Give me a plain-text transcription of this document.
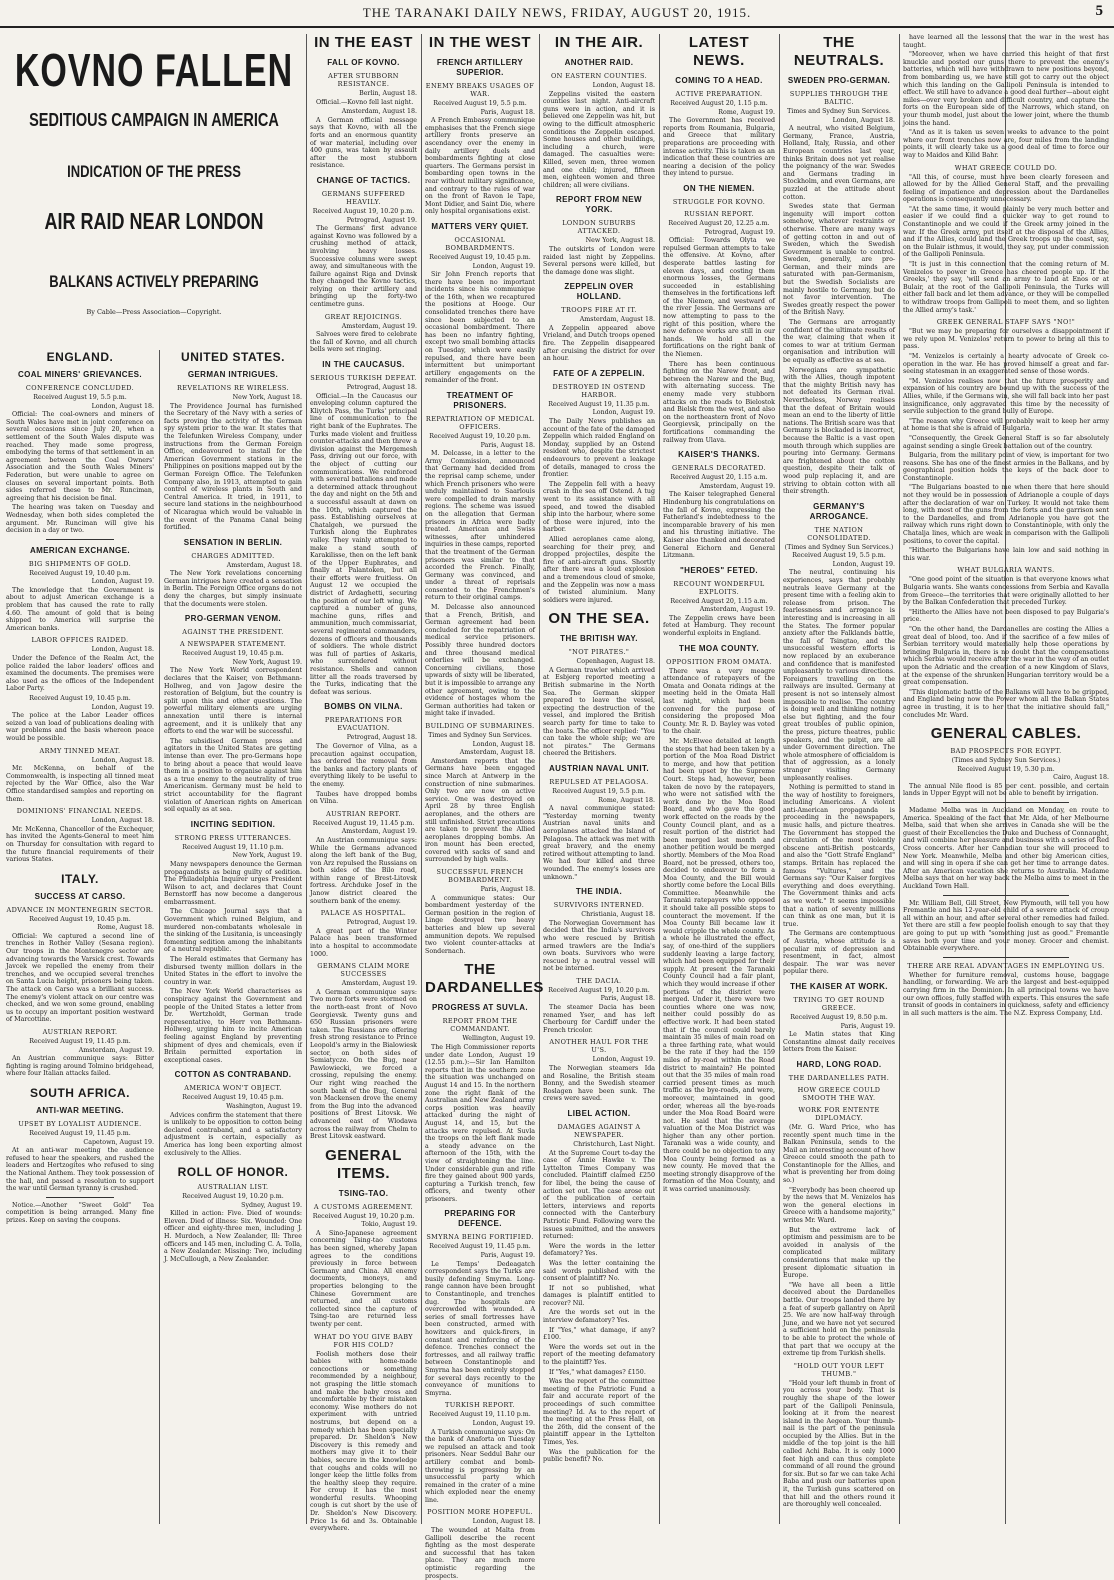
THE TARANAKI DAILY NEWS, FRIDAY, AUGUST 20, 1915.	5
KOVNO FALLEN
SEDITIOUS CAMPAIGN IN AMERICA
INDICATION OF THE PRESS
AIR RAID NEAR LONDON
BALKANS ACTIVELY PREPARING
By Cable—Press Association—Copyright.
ENGLAND.
COAL MINERS' GRIEVANCES.
CONFERENCE CONCLUDED.
Received August 19, 5.5 p.m.
London, August 18.

Official: The coal-owners and miners of South Wales have met in joint conference on several occasions since July 20, when a settlement of the South Wales dispute was reached. They made some progress, embodying the terms of that settlement in an agreement between the Coal Owners' Association and the South Wales Miners' Federation, but were unable to agree on clauses on several important points. Both sides referred these to Mr. Runciman, agreeing that his decision be final.

The hearing was taken on Tuesday and Wednesday, when both sides completed the argument. Mr. Runciman will give his decision in a day or two.

AMERICAN EXCHANGE.
BIG SHIPMENTS OF GOLD.
Received August 19, 10.40 p.m.
London, August 19.

The knowledge that the Government is about to adjust American exchange is a problem that has caused the rate to rally 4.60. The amount of gold that is being shipped to America will surprise the American banks.

LABOR OFFICES RAIDED.
London, August 18.

Under the Defence of the Realm Act, the police raided the labor leaders' offices and examined the documents. The premises were also used as the offices of the Independent Labor Party.

Received August 19, 10.45 p.m.
London, August 19.

The police at the Labor Leader offices seized a van load of publications dealing with war problems and the basis whereon peace would be possible.

ARMY TINNED MEAT.
London, August 18.

Mr. McKenna, on behalf of the Commonwealth, is inspecting all tinned meat rejected by the War Office, also the War Office standardised samples and reporting on them.

DOMINIONS' FINANCIAL NEEDS.
London, August 18.

Mr. McKenna, Chancellor of the Exchequer, has invited the Agents-General to meet him on Thursday for consultation with regard to the future financial requirements of their various States.

ITALY.
SUCCESS AT CARSO.
ADVANCE IN MONTENEGRIN SECTOR.
Received August 19, 10.45 p.m.
Rome, August 18.

Official: We captured a second line of trenches in Rother Valley (Sesana region). Our troops in the Montenegro sector are advancing towards the Varsick crest. Towards Javcek we repelled the enemy from their trenches, and we occupied several trenches on Santa Lucia height, prisoners being taken. The attack on Carso was a brilliant success. The enemy's violent attack on our centre was checked, and we won some ground, enabling us to occupy an important position westward of Marcottine.

AUSTRIAN REPORT.
Received August 19, 11.45 p.m.
Amsterdam, August 19.

An Austrian communique says: Bitter fighting is raging around Tolmino bridgehead, where four Italian attacks failed.

SOUTH AFRICA.
ANTI-WAR MEETING.
UPSET BY LOYALIST AUDIENCE.
Received August 19, 11.45 p.m.
Capetown, August 19.

At an anti-war meeting the audience refused to hear the speakers, and rushed the leaders and Hertzogites who refused to sing the National Anthem. They took possession of the hall, and passed a resolution to support the war until German tyranny is crushed.

Notice.—Another "Sweet Gold" Tea competition is being arranged. Many fine prizes. Keep on saving the coupons.

UNITED STATES.
GERMAN INTRIGUES.
REVELATIONS RE WIRELESS.
New York, August 18.

The Providence Journal has furnished the Secretary of the Navy with a series of facts proving the activity of the German spy system prior to the war. It states that the Telefunken Wireless Company, under instructions from the German Foreign Office, endeavoured to install for the American Government stations in the Philippines on positions mapped out by the German Foreign Office. The Telefunken Company also, in 1913, attempted to gain control of wireless plants in South and Central America. It tried, in 1911, to secure land stations in the neighbourhood of Nicaragua which would be valuable in the event of the Panama Canal being fortified.

SENSATION IN BERLIN.
CHARGES ADMITTED.
Amsterdam, August 18.

The New York revelations concerning German intrigues have created a sensation in Berlin. The Foreign Office organs do not deny the charges, but simply insinuate that the documents were stolen.

PRO-GERMAN VENOM.
AGAINST THE PRESIDENT.
A NEWSPAPER STATEMENT.
Received August 19, 10.45 p.m.
New York, August 19.

The New York World correspondent declares that the Kaiser, von Bethmann-Hollweg, and von Jagow desire the restoration of Belgium, but the country is split upon this and other questions. The powerful military elements are urging annexation until there is internal agreement, and it is unlikely that any efforts to end the war will be successful.

The subsidised German press and agitators in the United States are getting intense than ever. The pro-Germans hope to bring about a peace that would leave them in a position to organise against him as a true enemy to the neutrality of true Americanism. Germany must be held to strict accountability for the flagrant violation of American rights on American soil equally as at sea.

INCITING SEDITION.
STRONG PRESS UTTERANCES.
Received August 19, 11.10 p.m.
New York, August 19.

Many newspapers denounce the German propagandists as being guilty of sedition. The Philadelphia Inquirer urges President Wilson to act, and declares that Count Bernstorff has now become a dangerous embarrassment.

The Chicago Journal says that a Government which ruined Belgium, and murdered non-combatants wholesale in the sinking of the Lusitania, is unceasingly fomenting sedition among the inhabitants of a neutral republic.

The Herald estimates that Germany has disbursed twenty million dollars in the United States in the effort to involve the country in war.

The New York World characterises as conspiracy against the Government and people of the United States a letter from Dr. Wertzholdt, German trade representative, to Herr von Bethmann-Hollweg, urging him to incite American feeling against England by preventing shipment of dyes and chemicals, even if Britain permitted exportation in exceptional cases.

COTTON AS CONTRABAND.
AMERICA WON'T OBJECT.
Received August 19, 10.45 p.m.
Washington, August 19.

Advices confirm the statement that there is unlikely to be opposition to cotton being declared contraband, and a satisfactory adjustment is certain, especially as America has long been exporting almost exclusively to the Allies.

ROLL OF HONOR.
AUSTRALIAN LIST.
Received August 19, 10.20 p.m.
Sydney, August 19.

Killed in action: Five. Died of wounds: Eleven. Died of illness: Six. Wounded: One officer and eighty-three men, including J. H. Murdoch, a New Zealander, Ill: Three officers and 145 men, including C. A. Tolla, a New Zealander. Missing: Two, including J. McCullough, a New Zealander.

IN THE EAST
FALL OF KOVNO.
AFTER STUBBORN RESISTANCE.
Berlin, August 18.

Official.—Kovno fell last night.

Amsterdam, August 18.

A German official message says that Kovno, with all the forts and an enormous quantity of war material, including over 400 guns, was taken by assault after the most stubborn resistance.

CHANGE OF TACTICS.
GERMANS SUFFERED HEAVILY.
Received August 19, 10.20 p.m.
Petrograd, August 19.

The Germans' first advance against Kovno was followed by a crushing method of attack, involving heavy losses. Successive columns were swept away, and simultaneous with the failure against Riga and Dvinsk they changed the Kovno tactics, relying on their artillery and bringing up the forty-two centimetre guns.

GREAT REJOICINGS.
Amsterdam, August 19.

Salvoes were fired to celebrate the fall of Kovno, and all church bells were set ringing.

IN THE CAUCASUS.
SERIOUS TURKISH DEFEAT.
Petrograd, August 18.

Official.—In the Caucasus our enveloping column captured the Kliytch Pass, the Turks' principal line of communication to the right bank of the Euphrates. The Turks made violent and fruitless counter-attacks and then threw a division against the Mergemesh Pass, driving out our force, with the object of cutting our communications. We reinforced with several battalions and made a determined attack throughout the day and night on the 5th and a successful assault at dawn on the 10th, which captured the pass. Establishing ourselves at Chatalgeh, we pursued the Turkish along the Euphrates valley. They vainly attempted to make a stand south of Karakilisse, then on the left bank of the Upper Euphrates, and finally at Palantoken, but all their efforts were fruitless. On August 12 we occupied the district of Ardaghetti, securing the position of our left wing. We captured a number of guns, machine guns, rifles and ammunition, much commissariat, several regimental commanders, dozens of officers and thousands of soldiers. The whole district was full of parties of Askaris, who surrendered without resistance. Shells and cannon litter all the roads traversed by the Turks, indicating that the defeat was serious.

BOMBS ON VILNA.
PREPARATIONS FOR EVACUATION.
Petrograd, August 18.

The Governor of Vilna, as a precaution against occupation, has ordered the removal from the banks and factory plants of everything likely to be useful to the enemy.

Taubes have dropped bombs on Vilna.

AUSTRIAN REPORT.
Received August 19, 11.45 p.m.
Amsterdam, August 19.

An Austrian communique says: While the Germans advanced along the left bank of the Bug, von Arz repulsed the Russians on both sides of the Bilo road, within range of Brest-Litovsk fortress. Archduke Josef in the Janow district cleared the southern bank of the enemy.

PALACE AS HOSPITAL.
Petrograd, August 19.

A great part of the Winter Palace has been transformed into a hospital to accommodate 1000.

GERMANS CLAIM MORE SUCCESSES
Amsterdam, August 19.

A German communique says: Two more forts were stormed on the north-east front of Novo Georgievsk. Twenty guns and 650 Russian prisoners were taken. The Russians are offering fresh strong resistance to Prince Leopold's army in the Bialowiesk sector, on both sides of Semiatycze. On the Bug, near Pawlowiecki, we forced a crossing, repulsing the enemy. Our right wing reached the south bank of the Bug, General von Mackensen drove the enemy from the Bug into the advanced positions of Brest Litovsk. We advanced east of Wlodawa across the railway from Chelm to Brest Litovsk eastward.

GENERAL ITEMS.
TSING-TAO.
A CUSTOMS AGREEMENT.
Received August 19, 10.20 p.m.
Tokio, August 19.

A Sino-Japanese agreement concerning Tsing-tao customs has been signed, whereby Japan agrees to the conditions previously in force between Germany and China. All enemy documents, moneys, and properties belonging to the Chinese Government are returned, and all customs collected since the capture of Tsing-tao are returned less twenty per cent.

WHAT DO YOU GIVE BABY FOR HIS COLD?

Foolish mothers dose their babies with home-made concoctions or something recommended by a neighbour, not grasping the little stomach and make the baby cross and uncomfortable by their mistaken economy. Wise mothers do not experiment with untried nostrums, but depend on a remedy which has been specially prepared. Dr. Sheldon's New Discovery is this remedy and mothers may give it to their babies, secure in the knowledge that coughs and colds will no longer keep the little folks from the healthy sleep they require. For croup it has the most wonderful results. Whooping cough is cut short by the use of Dr. Sheldon's New Discovery. Price 1s 6d and 3s. Obtainable everywhere.

IN THE WEST
FRENCH ARTILLERY SUPERIOR.
ENEMY BREAKS USAGES OF WAR.
Received August 19, 5.5 p.m.
Paris, August 18.

A French Embassy communique emphasises that the French siege artillery fronts preserve an ascendancy over the enemy in daily artillery duels and bombardments fighting at close quarters. The Germans persist in bombarding open towns in the rear without military significance, and contrary to the rules of war on the front of Ravon le Tape, Mont Didier, and Saint Die, where only hospital organisations exist.

MATTERS VERY QUIET.
OCCASIONAL BOMBARDMENTS.
Received August 19, 10.45 p.m.
London, August 19.

Sir John French reports that there have been no important incidents since his communique of the 16th, when we recaptured the positions at Hooge. Our consolidated trenches there have since been subjected to an occasional bombardment. There has been no infantry fighting, except two small bombing attacks on Tuesday, which were easily repulsed, and there have been intermittent but unimportant artillery engagements on the remainder of the front.

TREATMENT OF PRISONERS.
REPATRIATION OF MEDICAL OFFICERS.
Received August 19, 10.20 p.m.
Paris, August 18.

M. Delcasse, in a letter to the Army Commission, announced that Germany had decided from the reprisal camp scheme, under which French prisoners who were unduly maintained to Saarlouis were compelled to drain marshy regions. The scheme was issued on the allegation that German prisoners in Africa were badly treated. American and Swiss witnesses, after unhindered inquiries in these camps, reported that the treatment of the German prisoners was similar to that accorded the French. Finally, Germany was convinced, and under a threat of reprisals consented to the Frenchmen's return to their original camps.

M. Delcasse also announced that a French, British, and German agreement had been concluded for the repatriation of medical service prisoners. Possibly three hundred doctors and three thousand medical orderlies will be exchanged. Concerning civilians, those upwards of sixty will be liberated, but it is impossible to arrange any other agreement, owing to the evidence of hostages whom the German authorities had taken or might take if invaded.

BUILDING OF SUBMARINES.
Times and Sydney Sun Services.
London, August 18.
Amsterdam, August 18.

Amsterdam reports that the Germans have been engaged since March at Antwerp in the construction of nine submarines. Only two are now on active service. One was destroyed on April 28 by three English aeroplanes, and the others are still unfinished. Strict precautions are taken to prevent the Allied aeroplanes dropping bombs. An iron mount has been erected, covered with sacks of sand and surrounded by high walls.

SUCCESSFUL FRENCH BOMBARDMENT.
Paris, August 18.

A communique states: Our bombardment yesterday of the German position in the region of Linge destroyed two heavy batteries and blew up several ammunition depots. We repulsed two violent counter-attacks at Sondernach.

THE DARDANELLES
PROGRESS AT SUVLA.
REPORT FROM THE COMMANDANT.
Wellington, August 19.

The High Commissioner reports under date London, August 19 (12.55 p.m.):—Sir Ian Hamilton reports that in the southern zone the situation was unchanged on August 14 and 15. In the northern zone the right flank of the Australian and New Zealand army corps position was heavily attacked during the night of August 14, and 15, but the attacks were repulsed. At Suvla the troops on the left flank made a steady advance on the afternoon of the 15th, with the view of straightening the line. Under considerable gun and rifle fire they gained about 900 yards, capturing a Turkish trench, few officers, and twenty other prisoners.

PREPARING FOR DEFENCE.
SMYRNA BEING FORTIFIED.
Received August 19, 11.45 p.m.
Paris, August 19.

Le Temps' Dedeagatch correspondent says the Turks are busily defending Smyrna. Long-range cannon have been brought to Constantinople, and trenches dug. The hospitals are overcrowded with wounded. A series of small fortresses have been constructed, armed with howitzers and quick-firers, in constant and reinforcing of the defence. Trenches connect the fortresses, and all railway traffic between Constantinople and Smyrna has been entirely stopped for several days recently to the conveyance of munitions to Smyrna.

TURKISH REPORT.
Received August 19, 11.10 p.m.
London, August 19.

A Turkish communique says: On the bank of Anaforta on Tuesday we repulsed an attack and took prisoners. Near Seddul Bahr our artillery combat and bomb-throwing is progressing by an unsuccessful party which remained in the crater of a mine which exploded near the enemy line.

POSITION MORE HOPEFUL.
London, August 18.

The wounded at Malta from Gallipoli describe the recent fighting as the most desperate and successful that has taken place. They are much more optimistic regarding the prospects.

IN THE AIR.
ANOTHER RAID.
ON EASTERN COUNTIES.
London, August 18.

Zeppelins visited the eastern counties last night. Anti-aircraft guns were in action, and it is believed one Zeppelin was hit, but owing to the difficult atmospheric conditions the Zeppelin escaped. Some houses and other buildings, including a church, were damaged. The casualties were: Killed, seven men, three women and one child; injured, fifteen men, eighteen women and three children; all were civilians.

REPORT FROM NEW YORK.
LONDON SUBURBS ATTACKED.
New York, August 18.

The outskirts of London were raided last night by Zeppelins. Several persons were killed, but the damage done was slight.

ZEPPELIN OVER HOLLAND.
TROOPS FIRE AT IT.
Amsterdam, August 18.

A Zeppelin appeared above Vrieland, and Dutch troops opened fire. The Zeppelin disappeared after cruising the district for over an hour.

FATE OF A ZEPPELIN.
DESTROYED IN OSTEND HARBOR.
Received August 19, 11.35 p.m.
London, August 19.

The Daily News publishes an account of the fate of the damaged Zeppelin which raided England on Monday, supplied by an Ostend resident who, despite the strictest endeavours to prevent a leakage of details, managed to cross the frontier.

The Zeppelin fell with a heavy crash in the sea off Ostend. A tug went to its assistance with all speed, and towed the disabled ship into the harbour, where some of those were injured, into the harbor.

Allied aeroplanes came along, searching for their prey, and dropped projectiles, despite the fire of anti-aircraft guns. Shortly after there was a loud explosion and a tremendous cloud of smoke, and the Zeppelin was now a mass of twisted aluminium. Many soldiers were injured.

ON THE SEA.
THE BRITISH WAY.
"NOT PIRATES."
Copenhagen, August 18.

A German trawler which arrived at Esbjerg reported meeting a British submarine in the North Sea. The German skipper prepared to leave the vessel, expecting the destruction of the vessel, and implored the British search party for time to take to the boats. The officer replied: "You can take the whole ship; we are not pirates." The Germans cheered the Britishers.

AUSTRIAN NAVAL UNIT.
REPULSED AT PELAGOSA.
Received August 19, 5.5 p.m.
Rome, August 18.

A naval communique stated: "Yesterday morning twenty Austrian naval units and aeroplanes attacked the Island of Pelagosa. The attack was met with great bravery, and the enemy retired without attempting to land. We had four killed and three wounded. The enemy's losses are unknown."

THE INDIA.
SURVIVORS INTERNED.
Christiania, August 18.

The Norwegian Government has decided that the India's survivors who were rescued by British armed trawlers are the India's own boats. Survivors who were rescued by a neutral vessel will not be interned.

THE DACIA.
Received August 19, 10.20 p.m.
Paris, August 18.

The steamer Dacia has been renamed Yser, and has left Cherbourg for Cardiff under the French tricolor.

ANOTHER HAUL FOR THE U'S.
London, August 19.

The Norwegian steamers Ida and Rosaline, the British steam Bonny, and the Swedish steamer Roslagen have been sunk. The crews were saved.

LIBEL ACTION.
DAMAGES AGAINST A NEWSPAPER.
Christchurch, Last Night.

At the Supreme Court to-day the case of Annie Hawke v. The Lyttelton Times Company was concluded. Plaintiff claimed £250 for libel, the being the cause of action set out. The case arose out of the publication of certain letters, interviews and reports connected with the Canterbury Patriotic Fund. Following were the issues submitted, and the answers returned:

Were the words in the letter defamatory? Yes.

Was the letter containing the said words published with the consent of plaintiff? No.

If not so published, what damages is plaintiff entitled to recover? Nil.

Are the words set out in the interview defamatory? Yes.

If "Yes," what damage, if any? £100.

Were the words set out in the report of the meeting defamatory to the plaintiff? Yes.

If "Yes," what damages? £150.

Was the report of the committee meeting of the Patriotic Fund a fair and accurate report of the proceedings of such committee meeting? Id. As to the report of the meeting at the Press Hall, on the 26th, did the consent of the plaintiff appear in the Lyttelton Times, Yes.

Was the publication for the public benefit? No.

LATEST NEWS.
COMING TO A HEAD.
ACTIVE PREPARATION.
Received August 20, 1.15 p.m.
Rome, August 19.

The Government has received reports from Roumania, Bulgaria, and Greece that military preparations are proceeding with intense activity. This is taken as an indication that these countries are nearing a decision of the policy they intend to pursue.

ON THE NIEMEN.
STRUGGLE FOR KOVNO.
RUSSIAN REPORT.
Received August 20, 12.25 a.m.
Petrograd, August 19.

Official: Towards Olyta we repulsed German attempts to take the offensive. At Kovno, after desperate battles lasting for eleven days, and costing them enormous losses, the Germans succeeded in establishing themselves in the fortifications left of the Niemen, and westward of the river Jessia. The Germans are now attempting to pass to the right of this position, where the new defence works are still in our hands. We hold all the fortifications on the right bank of the Niemen.

There has been continuous fighting on the Narew front, and between the Narew and the Bug, with alternating success. The enemy made very stubborn attacks on the roads to Bielostok and Bielsk from the west, and also on the northeastern front of Novo Georgievsk, principally on the fortifications commanding the railway from Ulava.

KAISER'S THANKS.
GENERALS DECORATED.
Received August 20, 1.15 a.m.
Amsterdam, August 19.

The Kaiser telegraphed General Hindenburg his congratulations on the fall of Kovno, expressing the Fatherland's indebtedness to the incomparable bravery of his men and his thrusting initiative. The Kaiser also thanked and decorated General Eichorn and General Litzmann.

"HEROES" FETED.
RECOUNT WONDERFUL EXPLOITS.
Received August 20, 1.15 a.m.
Amsterdam, August 19.

The Zeppelin crews have been feted at Hamburg. They recount wonderful exploits in England.

THE MOA COUNTY.
OPPOSITION FROM OMATA.

There was a very meagre attendance of ratepayers of the Omata and Oonata ridings at the meeting held in the Omata Hall last night, which had been convened for the purpose of considering the proposed Moa County. Mr. R. D. Bayley was voted to the chair.

Mr. McElwee detailed at length the steps that had been taken by a portion of the Moa Road District to merge, and how that petition had been upset by the Supreme Court. Steps had, however, been taken de novo by the ratepayers, who were not satisfied with the work done by the Moa Road Board, and who gave the good work effected on the roads by the County Council plant, and as a result portion of the district had been merged last month and another petition would be merged shortly. Members of the Moa Road Board, not be pressed, others too, decided to endeavour to form a Moa County, and the Bill would shortly come before the Local Bills Committee. Meanwhile the Taranaki ratepayers who opposed it should take all possible steps to counteract the movement. If the Moa County Bill became law it would cripple the whole county. As a whole he illustrated the effect, say, of one-third of the suppliers suddenly leaving a large factory, which had been equipped for their supply. At present the Taranaki County Council had a fair plant, which they would increase if other portions of the district were merged. Under it, there were two counties where one was now, neither could possibly do as effective work. It had been stated that if the council could barely maintain 35 miles of main road on a three farthing rate, what would be the rate if they had the 159 miles of by-road within the Road district to maintain? He pointed out that the 35 miles of main road carried present times as much traffic as the bye-roads, and were, moreover, maintained in good order, whereas all the bye-roads under the Moa Road Board were not. He said that the average valuation of the Moa District was higher than any other portion. Taranaki was a wide county, and there could be no objection to any Moa County being formed as a new county. He moved that the meeting strongly disapprove of the formation of the Moa County, and it was carried unanimously.

THE NEUTRALS.
SWEDEN PRO-GERMAN.
SUPPLIES THROUGH THE BALTIC.
Times and Sydney Sun Services.
London, August 18.

A neutral, who visited Belgium, Germany, France, Austria, Holland, Italy, Russia, and other European countries last year, thinks Britain does not yet realise the poignancy of the war. Swedes and Germans trading in Stockholm, and even Germans, are puzzled at the attitude about cotton.

Swedes state that German ingenuity will import cotton somehow, whatever restraints or otherwise. There are many ways of getting cotton in and out of Sweden, which the Swedish Government is unable to control. Sweden, generally, are pro-German, and their minds are saturated with pan-Germanism, but the Swedish Socialists are mainly hostile to Germany, but do not favor intervention. The Swedes greatly respect the power of the British Navy.

The Germans are arrogantly confident of the ultimate results of the war, claiming that when it comes to war at tritium German organisation and intribution will be equally as effective as at sea.

Norwegians are sympathetic with the Allies, though impotent that the mighty British navy has not defeated its German rival. Nevertheless, Norway realises that the defeat of Britain would mean an end to the liberty of little nations. The British scare was that Germany is blockaded is incorrect, because the Baltic is a vast open mouth through which supplies are pouring into Germany. Germans are frightened about the cotton question, despite their talk of wood pulp replacing it, and are striving to obtain cotton with all their strength.

GERMANY'S ARROGANCE.
THE NATION CONSOLIDATED.
(Times and Sydney Sun Services.)
Received August 19, 5.5 p.m.
London, August 19.

The neutral, continuing his experiences, says that probably neutrals leave Germany at the present time with a feeling akin to release from prison. The fearlessness and arrogance is interesting and is increasing in all the States. The former popular anxiety after the Falklands battle, the fall of Tsingtao, and the unsuccessful western efforts is now replaced by an exuberance and confidence that is manifested unpleasantly to various directions. Foreigners travelling on the railways are insulted. Germany at present is not so intensely almost impossible to realise. The country is doing well and thinking nothing else but fighting, and the four great troubles of public opinion, the press, picture theatres, public speakers, and the pulpit, are all under Government direction. The whole atmosphere of officialdom is that of aggression, as a lonely stranger visiting Germany unpleasantly realises.

Nothing is permitted to stand in the way of hostility to foreigners, including Americans. A violent anti-American propaganda is proceeding in the newspapers, music halls, and picture theatres. The Government has stopped the circulation of the most violently obscene anti-British postcards, and also the "Gott Strafe England" stamps. Britain has replaced the famous "Vultures," and the Germans say: "Our Kaiser forgives everything and does everything. The Government thinks and acts as we work." It seems impossible that a nation of seventy millions can think as one man, but it is true.

The Germans are contemptuous of Austria, whose attitude is a peculiar mix of depression and resentment, in fact, almost despair. The war was never popular there.

THE KAISER AT WORK.
TRYING TO GET ROUND GREECE.
Received August 19, 8.50 p.m.
Paris, August 19.

Le Matin states that King Constantine almost daily receives letters from the Kaiser.

HARD, LONG ROAD.
THE DARDANELLES PATH.
HOW GREECE COULD SMOOTH THE WAY.
WORK FOR ENTENTE DIPLOMACY.

(Mr. G. Ward Price, who has recently spent much time in the Balkan Peninsula, sends to the Mail an interesting account of how Greece could smooth the path to Constantinople for the Allies, and what is preventing her from doing so.)

"Everybody has been cheered up by the news that M. Venizelos has won the general elections in Greece with a handsome majority," writes Mr. Ward.

But the extreme lack of optimism and pessimism are to be avoided in analysis of the complicated military considerations that make up the present diplomatic situation in Europe.

"We have all been a little deceived about the Dardanelles battle. Our troops landed there by a feat of superb gallantry on April 25. We are now half-way through June, and we have not yet secured a sufficient hold on the peninsula to be able to protect the whole of that part that we occupy at the extreme tip from Turkish shells.

"HOLD OUT YOUR LEFT THUMB."

"Hold your left thumb in front of you across your body. That is roughly the shape of the lower part of the Gallipoli Peninsula, looking at it from the nearest island in the Aegean. Your thumb-nail is the part of the peninsula occupied by the Allies. But in the middle of the top joint is the hill called Achi Baba. It is only 1000 feet high and can thus complete command of all round the ground for six. But so far we can take Achi Baba and push our batteries upon it, the Turkish guns scattered on that hill and the others round it are thoroughly well concealed.

have learned all the lessons that the war in the west has taught.

"Moreover, when we have carried this height of that first knuckle and posted our guns there to prevent the enemy's batteries, which will have withdrawn to new positions beyond, from bombarding us, we have still got to carry out the object which this landing on the Gallipoli Peninsula is intended to effect. We still have to advance a good deal further—about eight miles—over very broken and difficult country, and capture the forts on the European side of the Narrows, which stand, on your thumb model, just about the lower joint, where the thumb joins the hand.

"And as it is taken us seven weeks to advance to the point where our front trenches now are, four miles from the landing points, it will clearly take us a good deal of time to force our way to Maidos and Kilid Bahr.

WHAT GREECE COULD DO.

"All this, of course, must have been clearly foreseen and allowed for by the Allied General Staff, and the prevailing feeling of impatience and depression about the Dardanelles operations is consequently unnecessary.

"At the same time, it would plainly be very much better and easier if we could find a quicker way to get round to Constantinople and we could if the Greek army joined in the war. If the Greek army, put itself at the disposal of the Allies, and if the Allies, could land the Greek troops up the coast, say, on the Bulair isthmus, it would, they say, put under commission of the Gallipoli Peninsula.

"It is just in this connection that the coming return of M. Venizelos to power in Greece has cheered people up. If the Greeks,' they say, 'will send an army to land at Enos or at Bulair, at the root of the Gallipoli Peninsula, the Turks will either fall back and let them advance, or they will be compelled to withdraw troops from Gallipoli to meet them, and so lighten the Allied army's task.'

GREEK GENERAL STAFF SAYS "NO!"

"But we may be preparing for ourselves a disappointment if we rely upon M. Venizelos' return to power to bring all this to pass.

"M. Venizelos is certainly a hearty advocate of Greek co-operation in the war. He has proved himself a great and far-seeing statesman in an exaggerated sense of those words.

"M. Venizelos realises now that the future prosperity and expansion of his country are bound up with the success of the Allies, while, if the Germans win, she will fall back into her past insignificance, only aggravated this time by the necessity of servile subjection to the grand bully of Europe.

"The reason why Greece will probably wait to keep her army at home is that she is afraid of Bulgaria.

"Consequently, the Greek General Staff is so far absolutely against sending a single Greek battalion out of the country.

Bulgaria, from the military point of view, is important for two reasons. She has one of the finest armies in the Balkans, and by geographical position holds the keys of the back door to Constantinople.

"The Bulgarians boasted to me when there that here should not they would be in possession of Adrianople a couple of days after the declaration of war on Turkey. It would not take them long, with most of the guns from the forts and the garrison sent to the Dardanelles, and from Adrianople you have got the railway which runs right down to Constantinople, with only the Chatalja lines, which are weak in comparison with the Gallipoli positions, to cover the capital.

"Hitherto the Bulgarians have lain low and said nothing in this war.

WHAT BULGARIA WANTS.

"One good point of the situation is that everyone knows what Bulgaria wants. She wants concessions from Serbia and Kavalla from Greece—the territories that were originally allotted to her by the Balkan Confederation that preceded Turkey.

"Hitherto the Allies have not been disposed to pay Bulgaria's price.

"On the other hand, the Dardanelles are costing the Allies a great deal of blood, too. And if the sacrifice of a few miles of Serbian territory would materially help those operations by bringing Bulgaria in, there is no doubt that the compensations which Serbia would receive after the war in the way of an outlet upon the Adriatic and the creation of a new Kingdom of Slavs, at the expense of the shrunken Hungarian territory would be a great compensation.

"This diplomatic battle of the Balkans will have to be gripped, and England being now the Power whom all the Balkan States agree in trusting, it is to her that the initiative should fall," concludes Mr. Ward.

GENERAL CABLES.
BAD PROSPECTS FOR EGYPT.
(Times and Sydney Sun Services.)
Received August 19, 5.30 p.m.
Cairo, August 18.

The annual Nile flood is 85 per cent. possible, and certain lands in Upper Egypt will not be able to benefit by irrigation.

Madame Melba was in Auckland on Monday, en route to America. Speaking of the fact that Mr. Alda, of her Melbourne Melba, said that when she arrives in Canada she will be the guest of their Excellencies the Duke and Duchess of Connaught, and will combine her pleasure and business with a series of Red Cross concerts. After her Canadian tour she will proceed to New York. Meanwhile, Melba and other big American cities, and will sing in opera if she can get her time to arrange dates. After an American vacation she returns to Australia. Madame Melba says that on her way back the Melba aims to meet in the Auckland Town Hall.

Mr. William Bell, Gill Street, New Plymouth, will tell you how Fremantle and his 12-year-old child of a severe attack of croup all within an hour, and after several other remedies had failed. Yet there are still a few people foolish enough to say that they are going to put up with "something just as good." Fremantle saves both your time and your money. Grocer and chemist. Obtainable everywhere.

THERE ARE REAL ADVANTAGES IN EMPLOYING US.

Whether for furniture removal, customs house, baggage handling, or forwarding. We are the largest and best-equipped carrying firm in the Dominion. In all principal towns we have our own offices, fully staffed with experts. This ensures the safe transit of goods in containers in quickness, safety and efficiency in all such matters is the aim. The N.Z. Express Company, Ltd.
